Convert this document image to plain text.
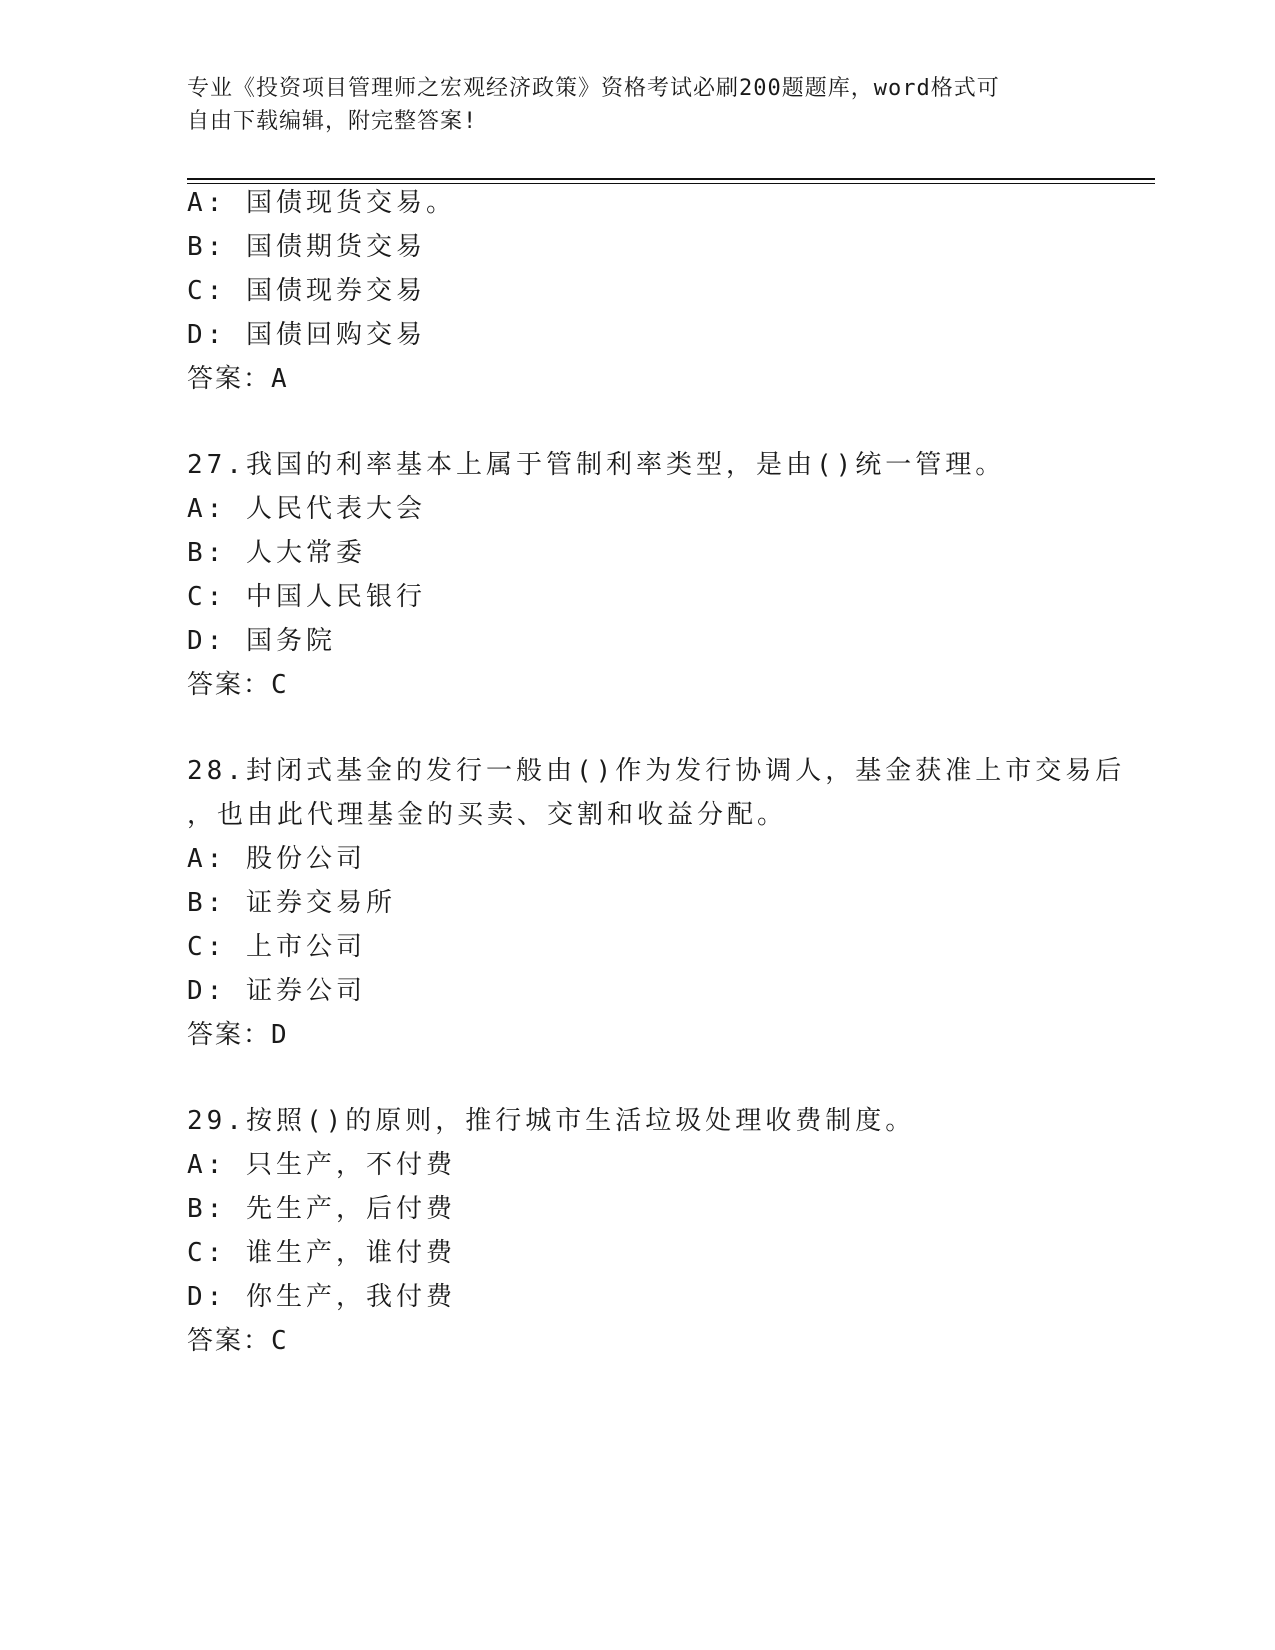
专业《投资项目管理师之宏观经济政策》资格考试必刷200题题库，word格式可
自由下载编辑，附完整答案!
A: 国债现货交易。
B: 国债期货交易
C: 国债现券交易
D: 国债回购交易
答案：A
27.我国的利率基本上属于管制利率类型，是由()统一管理。
A: 人民代表大会
B: 人大常委
C: 中国人民银行
D: 国务院
答案：C
28.封闭式基金的发行一般由()作为发行协调人，基金获准上市交易后
，也由此代理基金的买卖、交割和收益分配。
A: 股份公司
B: 证券交易所
C: 上市公司
D: 证券公司
答案：D
29.按照()的原则，推行城市生活垃圾处理收费制度。
A: 只生产，不付费
B: 先生产，后付费
C: 谁生产，谁付费
D: 你生产，我付费
答案：C
